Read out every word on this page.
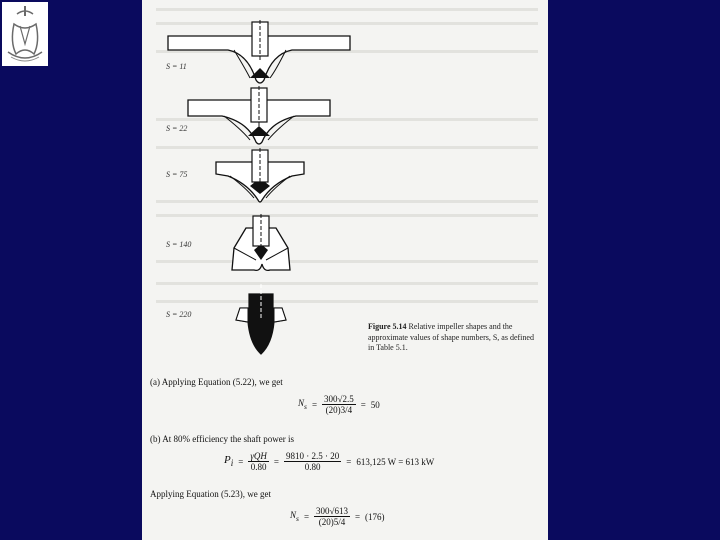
S = 11
S = 22
S = 75
S = 140
S = 220
Figure 5.14 Relative impeller shapes and the approximate values of shape numbers, S, as defined in Table 5.1.
(a) Applying Equation (5.22), we get
$N_s = \frac{300√2.5}{(20)3/4} = 50$
(b) At 80% efficiency the shaft power is
$P_i = \frac{\text{γQH}}{0.80} = \frac{9810 \cdot 2.5 \cdot 20}{0.80} = 613,125$ W = 613 kW
Applying Equation (5.23), we get
$N_s = \frac{300√613}{(20)5/4} = (176)$
